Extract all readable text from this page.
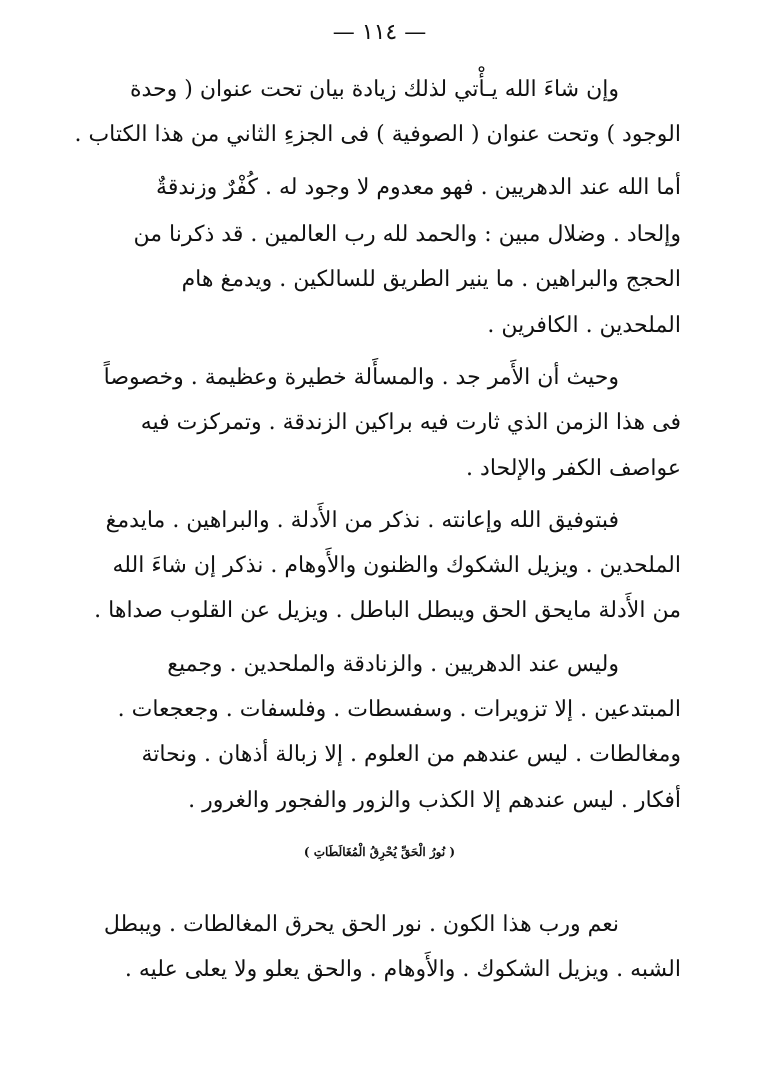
— ١١٤ —
وإن شاءَ الله يـأْتي لذلك زيادة بيان تحت عنوان ( وحدة
الوجود ) وتحت عنوان ( الصوفية ) فى الجزءِ الثاني من هذا الكتاب .
أما الله عند الدهريين . فهو معدوم لا وجود له . كُفْرٌ وزندقةٌ
وإلحاد . وضلال مبين : والحمد لله رب العالمين . قد ذكرنا من
الحجج والبراهين . ما ينير الطريق للسالكين . ويدمغ هام
الملحدين . الكافرين .
وحيث أن الأَمر جد . والمسأَلة خطيرة وعظيمة . وخصوصاً
فى هذا الزمن الذي ثارت فيه براكين الزندقة . وتمركزت فيه
عواصف الكفر والإلحاد .
فبتوفيق الله وإعانته . نذكر من الأَدلة . والبراهين . مايدمغ
الملحدين . ويزيل الشكوك والظنون والأَوهام . نذكر إن شاءَ الله
من الأَدلة مايحق الحق ويبطل الباطل . ويزيل عن القلوب صداها .
وليس عند الدهريين . والزنادقة والملحدين . وجميع
المبتدعين . إلا تزويرات . وسفسطات . وفلسفات . وجعجعات .
ومغالطات . ليس عندهم من العلوم . إلا زبالة أذهان . ونحاتة
أفكار . ليس عندهم إلا الكذب والزور والفجور والغرور .
( نُورُ الْحَقِّ يُحْرِقُ الْمُغَالَطَاتِ )
نعم ورب هذا الكون . نور الحق يحرق المغالطات . ويبطل
الشبه . ويزيل الشكوك . والأَوهام . والحق يعلو ولا يعلى عليه .
